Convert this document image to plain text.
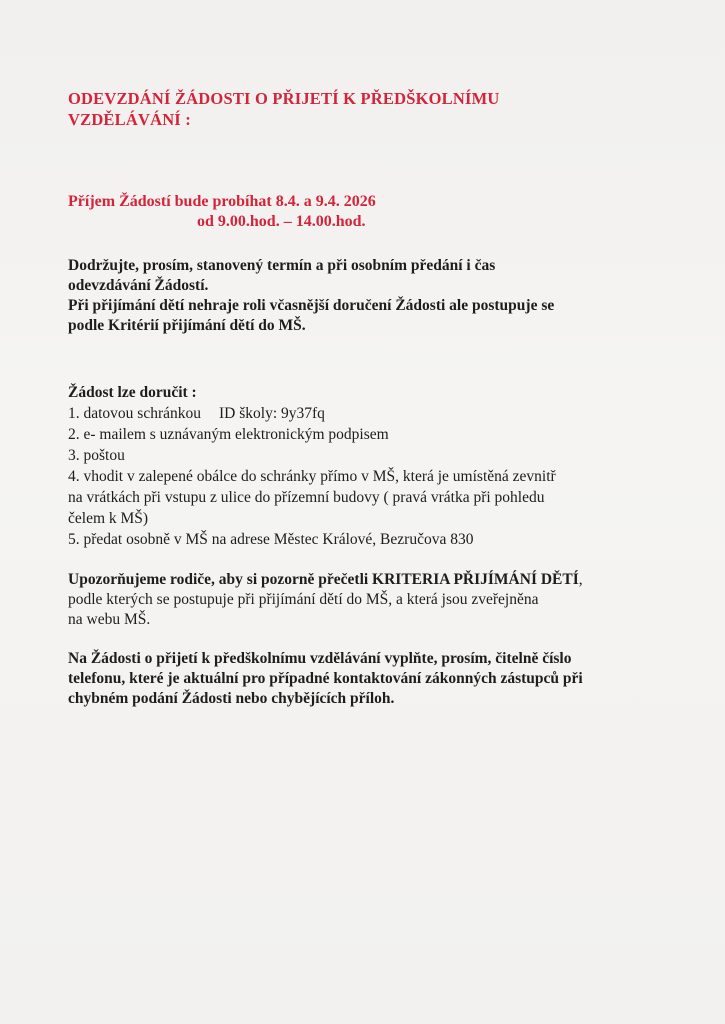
ODEVZDÁNÍ ŽÁDOSTI O PŘIJETÍ K PŘEDŠKOLNÍMU
VZDĚLÁVÁNÍ :
Příjem Žádostí bude probíhat 8.4. a 9.4. 2026
od 9.00.hod. – 14.00.hod.
Dodržujte, prosím, stanovený termín a při osobním předání i čas
odevzdávání Žádostí.
Při přijímání dětí nehraje roli včasnější doručení Žádosti ale postupuje se
podle Kritérií přijímání dětí do MŠ.
Žádost lze doručit :
1. datovou schránkou ID školy: 9y37fq
2. e- mailem s uznávaným elektronickým podpisem
3. poštou
4. vhodit v zalepené obálce do schránky přímo v MŠ, která je umístěná zevnitř
na vrátkách při vstupu z ulice do přízemní budovy ( pravá vrátka při pohledu
čelem k MŠ)
5. předat osobně v MŠ na adrese Městec Králové, Bezručova 830
Upozorňujeme rodiče, aby si pozorně přečetli KRITERIA PŘIJÍMÁNÍ DĚTÍ,
podle kterých se postupuje při přijímání dětí do MŠ, a která jsou zveřejněna
na webu MŠ.
Na Žádosti o přijetí k předškolnímu vzdělávání vyplňte, prosím, čitelně číslo
telefonu, které je aktuální pro případné kontaktování zákonných zástupců při
chybném podání Žádosti nebo chybějících příloh.
